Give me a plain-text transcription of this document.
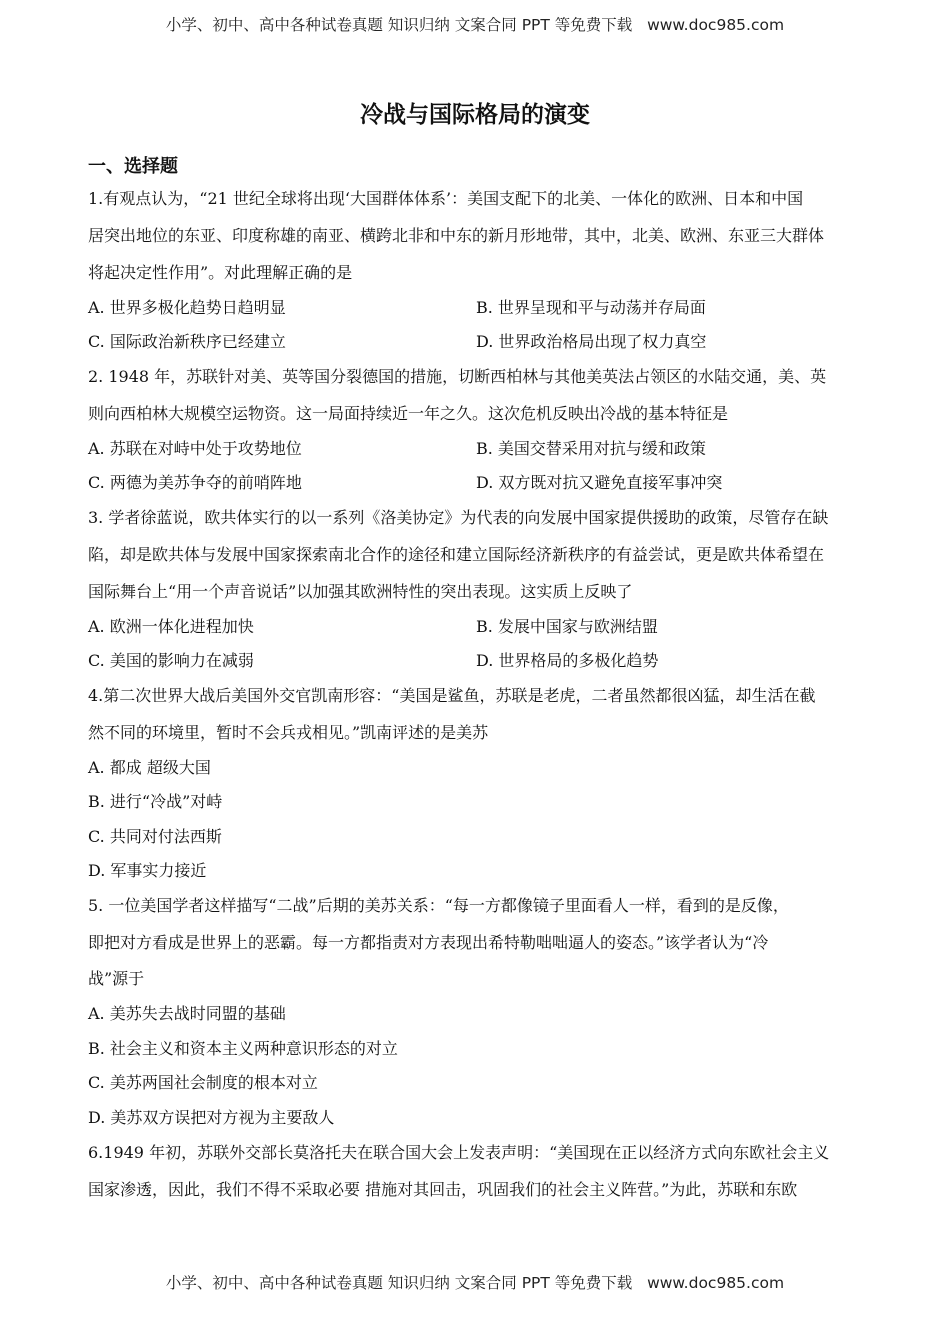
小学、初中、高中各种试卷真题 知识归纳 文案合同 PPT 等免费下载   www.doc985.com
冷战与国际格局的演变
一、选择题
1.有观点认为，“21 世纪全球将出现‘大国群体体系’：美国支配下的北美、一体化的欧洲、日本和中国
居突出地位的东亚、印度称雄的南亚、横跨北非和中东的新月形地带，其中，北美、欧洲、东亚三大群体
将起决定性作用”。对此理解正确的是
A. 世界多极化趋势日趋明显	B. 世界呈现和平与动荡并存局面
C. 国际政治新秩序已经建立	D. 世界政治格局出现了权力真空
2. 1948 年，苏联针对美、英等国分裂德国的措施，切断西柏林与其他美英法占领区的水陆交通，美、英
则向西柏林大规模空运物资。这一局面持续近一年之久。这次危机反映出冷战的基本特征是
A. 苏联在对峙中处于攻势地位	B. 美国交替采用对抗与缓和政策
C. 两德为美苏争夺的前哨阵地	D. 双方既对抗又避免直接军事冲突
3. 学者徐蓝说，欧共体实行的以一系列《洛美协定》为代表的向发展中国家提供援助的政策，尽管存在缺
陷，却是欧共体与发展中国家探索南北合作的途径和建立国际经济新秩序的有益尝试，更是欧共体希望在
国际舞台上“用一个声音说话”以加强其欧洲特性的突出表现。这实质上反映了
A. 欧洲一体化进程加快	B. 发展中国家与欧洲结盟
C. 美国的影响力在减弱	D. 世界格局的多极化趋势
4.第二次世界大战后美国外交官凯南形容：“美国是鲨鱼，苏联是老虎，二者虽然都很凶猛，却生活在截
然不同的环境里，暂时不会兵戎相见。”凯南评述的是美苏
A. 都成 超级大国
B. 进行“冷战”对峙
C. 共同对付法西斯
D. 军事实力接近
5. 一位美国学者这样描写“二战”后期的美苏关系：“每一方都像镜子里面看人一样，看到的是反像，
即把对方看成是世界上的恶霸。每一方都指责对方表现出希特勒咄咄逼人的姿态。”该学者认为“冷
战”源于
A. 美苏失去战时同盟的基础
B. 社会主义和资本主义两种意识形态的对立
C. 美苏两国社会制度的根本对立
D. 美苏双方误把对方视为主要敌人
6.1949 年初，苏联外交部长莫洛托夫在联合国大会上发表声明：“美国现在正以经济方式向东欧社会主义
国家渗透，因此，我们不得不采取必要 措施对其回击，巩固我们的社会主义阵营。”为此，苏联和东欧
小学、初中、高中各种试卷真题 知识归纳 文案合同 PPT 等免费下载   www.doc985.com
